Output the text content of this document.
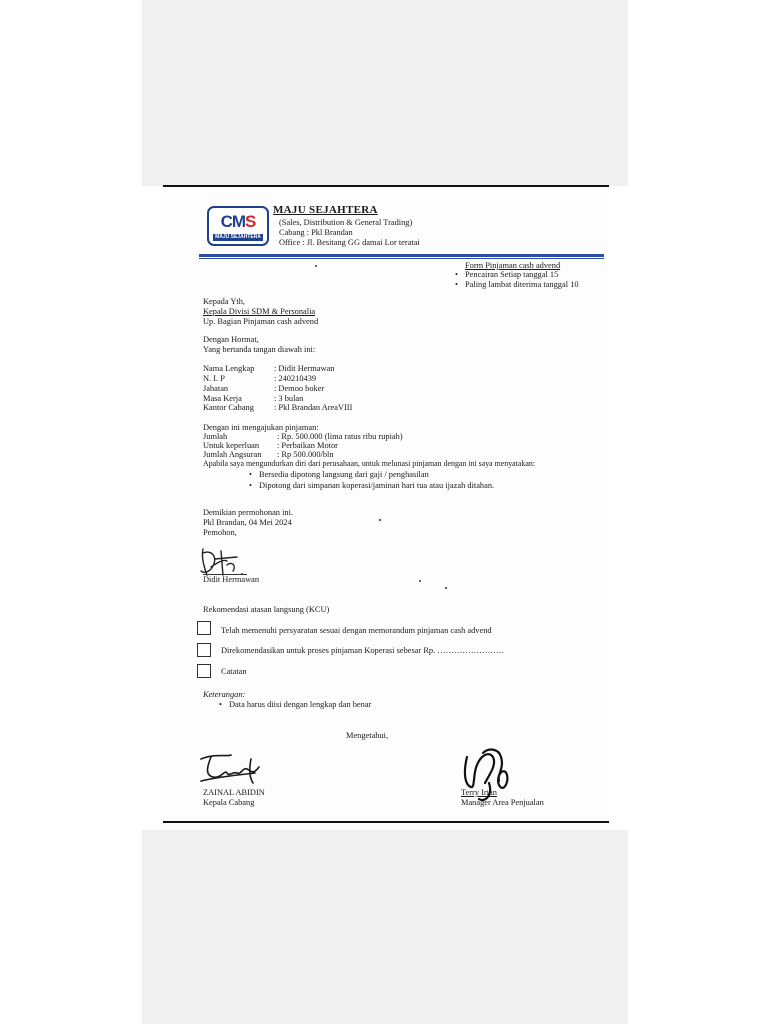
CMS
MAJU SEJAHTERA
MAJU SEJAHTERA
(Sales, Distribution & General Trading)
Cabang : Pkl Brandan
Office : Jl. Besitang GG damai Lor teratai
Form Pinjaman cash advend
• Pencairan Setiap tanggal 15
• Paling lambat diterima tanggal 10
Kepada Yth,
Kepala Divisi SDM & Personalia
Up. Bagian Pinjaman cash advend
Dengan Hormat,
Yang bertanda tangan diawah ini:
Nama Lengkap : Didit Hermawan
N. I. P	: 240210439
Jabatan	: Demoo boker
Masa Kerja	: 3 bulan
Kantor Cabang : Pkl Brandan AreaVIII
Dengan ini mengajukan pinjaman:
Jumlah	: Rp. 500.000 (lima ratus ribu rupiah)
Untuk keperluan : Perbaikan Motor
Jumlah Angsuran : Rp 500.000/bln
Apabila saya mengundurkan diri dari perusahaan, untuk melunasi pinjaman dengan ini saya menyatakan:
• Bersedia dipotong langsung dari gaji / penghasilan
• Dipotong dari simpanan koperasi/jaminan hari tua atau ijazah ditahan.
Demikian permohonan ini.
Pkl Brandan, 04 Mei 2024
Pemohon,
Didit Hermawan
Rekomendasi atasan langsung (KCU)
Telah memenuhi persyaratan sesuai dengan memorandum pinjaman cash advend
Direkomendasikan untuk proses pinjaman Koperasi sebesar Rp. ……………………
Catatan
Keterangan:
• Data harus diisi dengan lengkap dan benar
Mengetahui,
ZAINAL ABIDIN
Kepala Cabang
Terry Irian
Manager Area Penjualan
